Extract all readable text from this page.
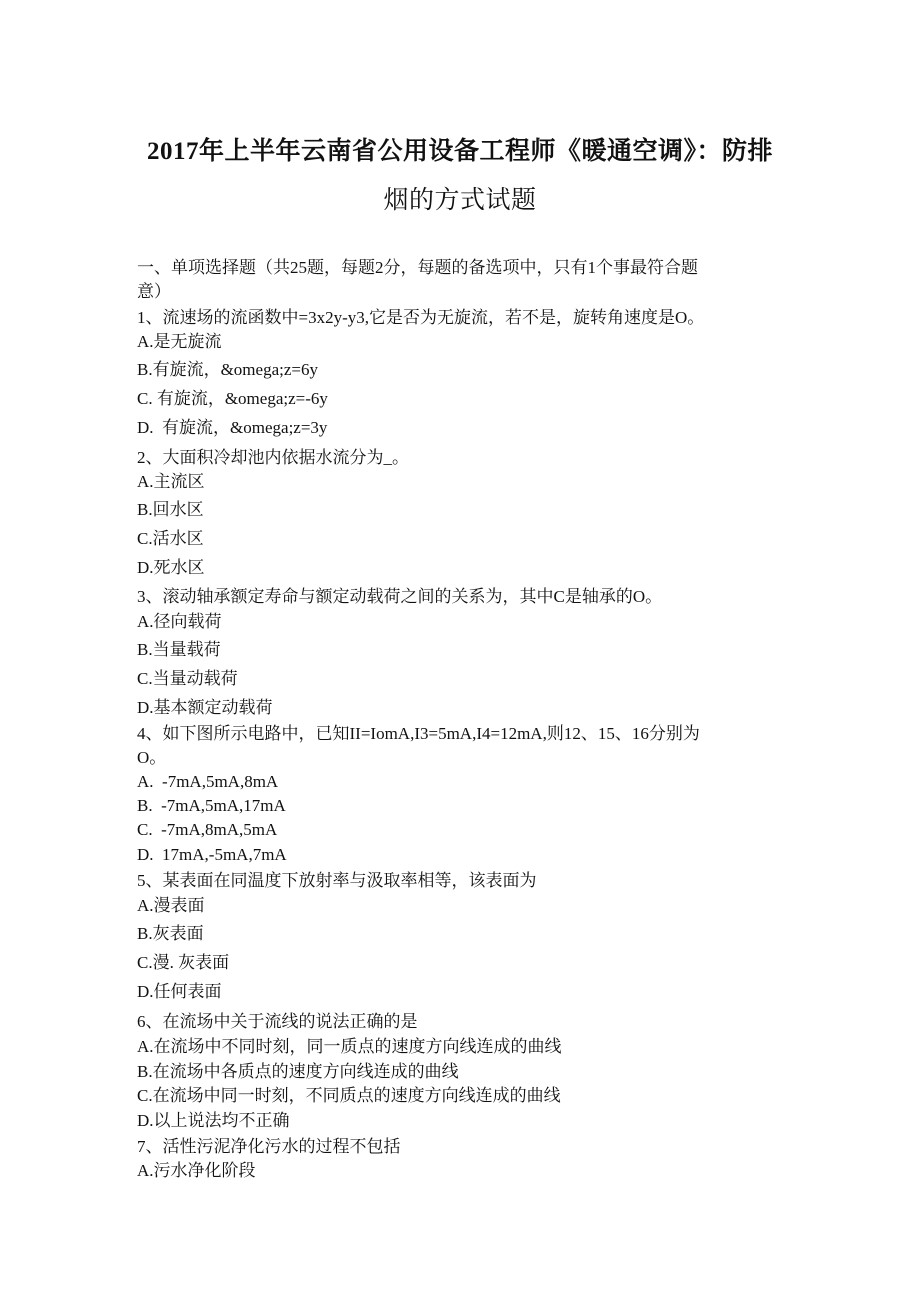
2017年上半年云南省公用设备工程师《暖通空调》：防排
烟的方式试题
一、单项选择题（共25题，每题2分，每题的备选项中，只有1个事最符合题
意）
1、流速场的流函数中=3x2y-y3,它是否为无旋流，若不是，旋转角速度是O。
A.是无旋流
B.有旋流，&omega;z=6y
C. 有旋流，&omega;z=-6y
D.  有旋流，&omega;z=3y
2、大面积冷却池内依据水流分为_。
A.主流区
B.回水区
C.活水区
D.死水区
3、滚动轴承额定寿命与额定动载荷之间的关系为，其中C是轴承的O。
A.径向载荷
B.当量载荷
C.当量动载荷
D.基本额定动载荷
4、如下图所示电路中，已知II=IomA,I3=5mA,I4=12mA,则12、15、16分别为
O。
A.  -7mA,5mA,8mA
B.  -7mA,5mA,17mA
C.  -7mA,8mA,5mA
D.  17mA,-5mA,7mA
5、某表面在同温度下放射率与汲取率相等，该表面为
A.漫表面
B.灰表面
C.漫. 灰表面
D.任何表面
6、在流场中关于流线的说法正确的是
A.在流场中不同时刻，同一质点的速度方向线连成的曲线
B.在流场中各质点的速度方向线连成的曲线
C.在流场中同一时刻，不同质点的速度方向线连成的曲线
D.以上说法均不正确
7、活性污泥净化污水的过程不包括
A.污水净化阶段
